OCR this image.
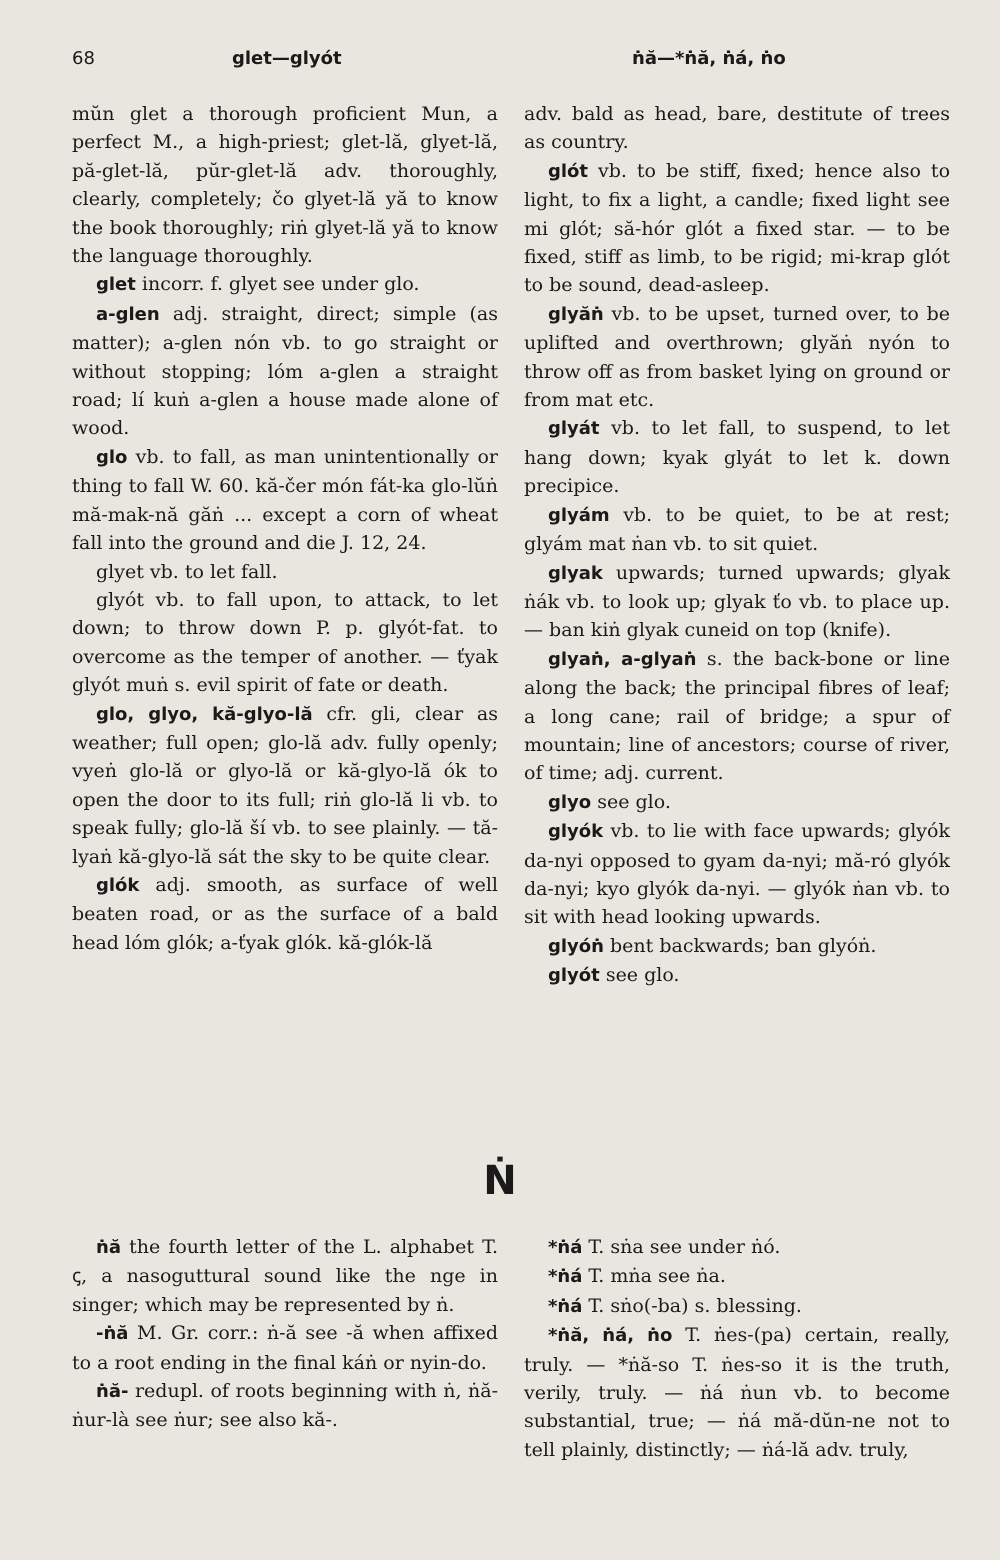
68	glet—glyót	ṅă—*ṅă, ṅá, ṅo

mŭn glet a thorough proficient Mun, a perfect M., a high-priest; glet-lă, glyet-lă, pă-glet-lă, pŭr-glet-lă adv. thoroughly, clearly, completely; čo glyet-lă yă to know the book thoroughly; riṅ glyet-lă yă to know the language thoroughly.

glet incorr. f. glyet see under glo.

a-glen adj. straight, direct; simple (as matter); a-glen nón vb. to go straight or without stopping; lóm a-glen a straight road; lí kuṅ a-glen a house made alone of wood.

glo vb. to fall, as man unintentionally or thing to fall W. 60. kă-čer món fát-ka glo-lŭṅ mă-mak-nă găṅ ... except a corn of wheat fall into the ground and die J. 12, 24.

glyet vb. to let fall.

glyót vb. to fall upon, to attack, to let down; to throw down P. p. glyót-fat. to overcome as the temper of another. — ťyak glyót muṅ s. evil spirit of fate or death.

glo, glyo, kă-glyo-lă cfr. gli, clear as weather; full open; glo-lă adv. fully openly; vyeṅ glo-lă or glyo-lă or kă-glyo-lă ók to open the door to its full; riṅ glo-lă li vb. to speak fully; glo-lă ší vb. to see plainly. — tă-lyaṅ kă-glyo-lă sát the sky to be quite clear.

glók adj. smooth, as surface of well beaten road, or as the surface of a bald head lóm glók; a-ťyak glók. kă-glók-lă

adv. bald as head, bare, destitute of trees as country.

glót vb. to be stiff, fixed; hence also to light, to fix a light, a candle; fixed light see mi glót; să-hór glót a fixed star. — to be fixed, stiff as limb, to be rigid; mi-krap glót to be sound, dead-asleep.

glyăṅ vb. to be upset, turned over, to be uplifted and overthrown; glyăṅ nyón to throw off as from basket lying on ground or from mat etc.

glyát vb. to let fall, to suspend, to let hang down; kyak glyát to let k. down precipice.

glyám vb. to be quiet, to be at rest; glyám mat ṅan vb. to sit quiet.

glyak upwards; turned upwards; glyak ṅák vb. to look up; glyak ťo vb. to place up. — ban kiṅ glyak cuneid on top (knife).

glyaṅ, a-glyaṅ s. the back-bone or line along the back; the principal fibres of leaf; a long cane; rail of bridge; a spur of mountain; line of ancestors; course of river, of time; adj. current.

glyo see glo.

glyók vb. to lie with face upwards; glyók da-nyi opposed to gyam da-nyi; mă-ró glyók da-nyi; kyo glyók da-nyi. — glyók ṅan vb. to sit with head looking upwards.

glyóṅ bent backwards; ban glyóṅ.

glyót see glo.

Ṅ

ṅă the fourth letter of the L. alphabet T. ꞔ, a nasoguttural sound like the nge in singer; which may be represented by ṅ.

-ṅă M. Gr. corr.: ṅ-ă see -ă when affixed to a root ending in the final káṅ or nyin-do.

ṅă- redupl. of roots beginning with ṅ, ṅă-ṅur-là see ṅur; see also kă-.

*ṅá T. sṅa see under ṅó.

*ṅá T. mṅa see ṅa.

*ṅá T. sṅo(-ba) s. blessing.

*ṅă, ṅá, ṅo T. ṅes-(pa) certain, really, truly. — *ṅă-so T. ṅes-so it is the truth, verily, truly. — ṅá ṅun vb. to become substantial, true; — ṅá mă-dŭn-ne not to tell plainly, distinctly; — ṅá-lă adv. truly,
